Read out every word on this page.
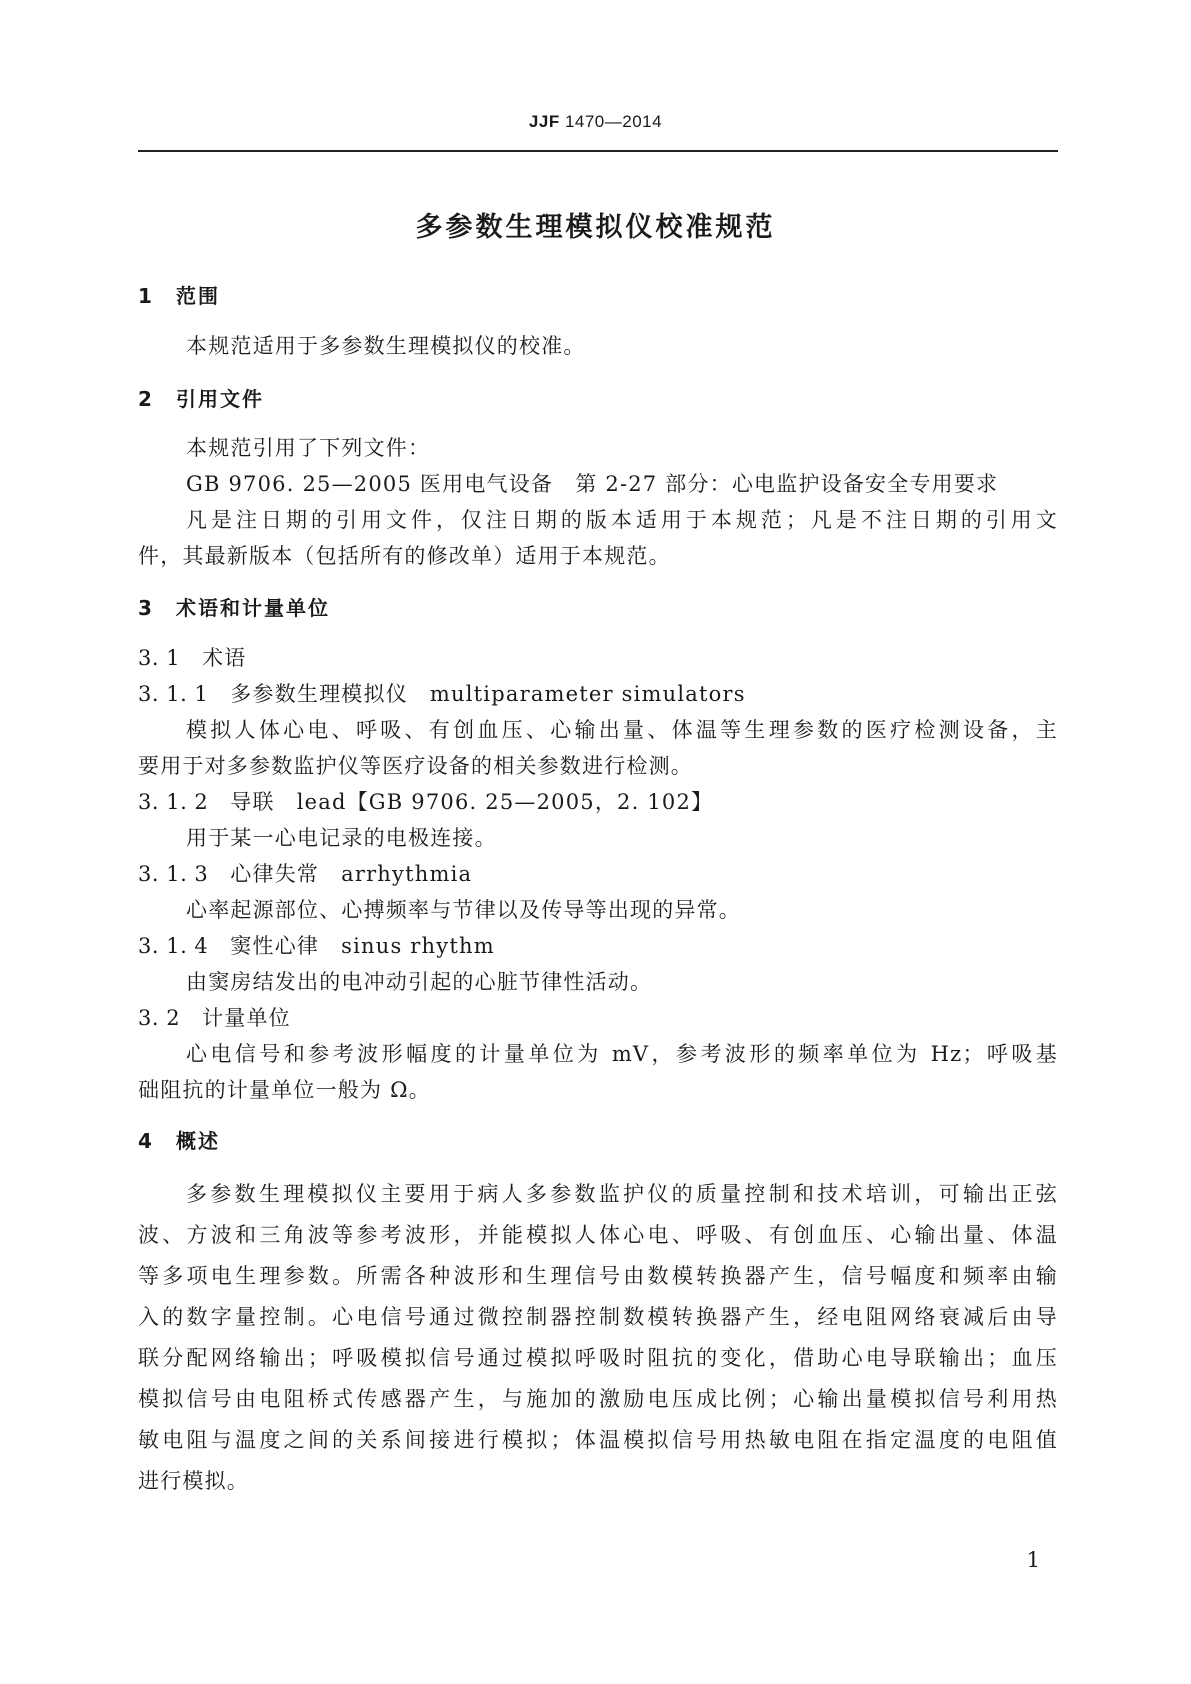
JJF 1470—2014
多参数生理模拟仪校准规范
1 范围
本规范适用于多参数生理模拟仪的校准。
2 引用文件
本规范引用了下列文件：
GB 9706. 25—2005 医用电气设备　第 2-27 部分：心电监护设备安全专用要求
凡是注日期的引用文件，仅注日期的版本适用于本规范；凡是不注日期的引用文
件，其最新版本（包括所有的修改单）适用于本规范。
3 术语和计量单位
3. 1 术语
3. 1. 1 多参数生理模拟仪 multiparameter simulators
模拟人体心电、呼吸、有创血压、心输出量、体温等生理参数的医疗检测设备，主
要用于对多参数监护仪等医疗设备的相关参数进行检测。
3. 1. 2 导联 lead【GB 9706. 25—2005，2. 102】
用于某一心电记录的电极连接。
3. 1. 3 心律失常 arrhythmia
心率起源部位、心搏频率与节律以及传导等出现的异常。
3. 1. 4 窦性心律 sinus rhythm
由窦房结发出的电冲动引起的心脏节律性活动。
3. 2 计量单位
心电信号和参考波形幅度的计量单位为 mV，参考波形的频率单位为 Hz；呼吸基
础阻抗的计量单位一般为 Ω。
4 概述
多参数生理模拟仪主要用于病人多参数监护仪的质量控制和技术培训，可输出正弦
波、方波和三角波等参考波形，并能模拟人体心电、呼吸、有创血压、心输出量、体温
等多项电生理参数。所需各种波形和生理信号由数模转换器产生，信号幅度和频率由输
入的数字量控制。心电信号通过微控制器控制数模转换器产生，经电阻网络衰减后由导
联分配网络输出；呼吸模拟信号通过模拟呼吸时阻抗的变化，借助心电导联输出；血压
模拟信号由电阻桥式传感器产生，与施加的激励电压成比例；心输出量模拟信号利用热
敏电阻与温度之间的关系间接进行模拟；体温模拟信号用热敏电阻在指定温度的电阻值
进行模拟。
1
